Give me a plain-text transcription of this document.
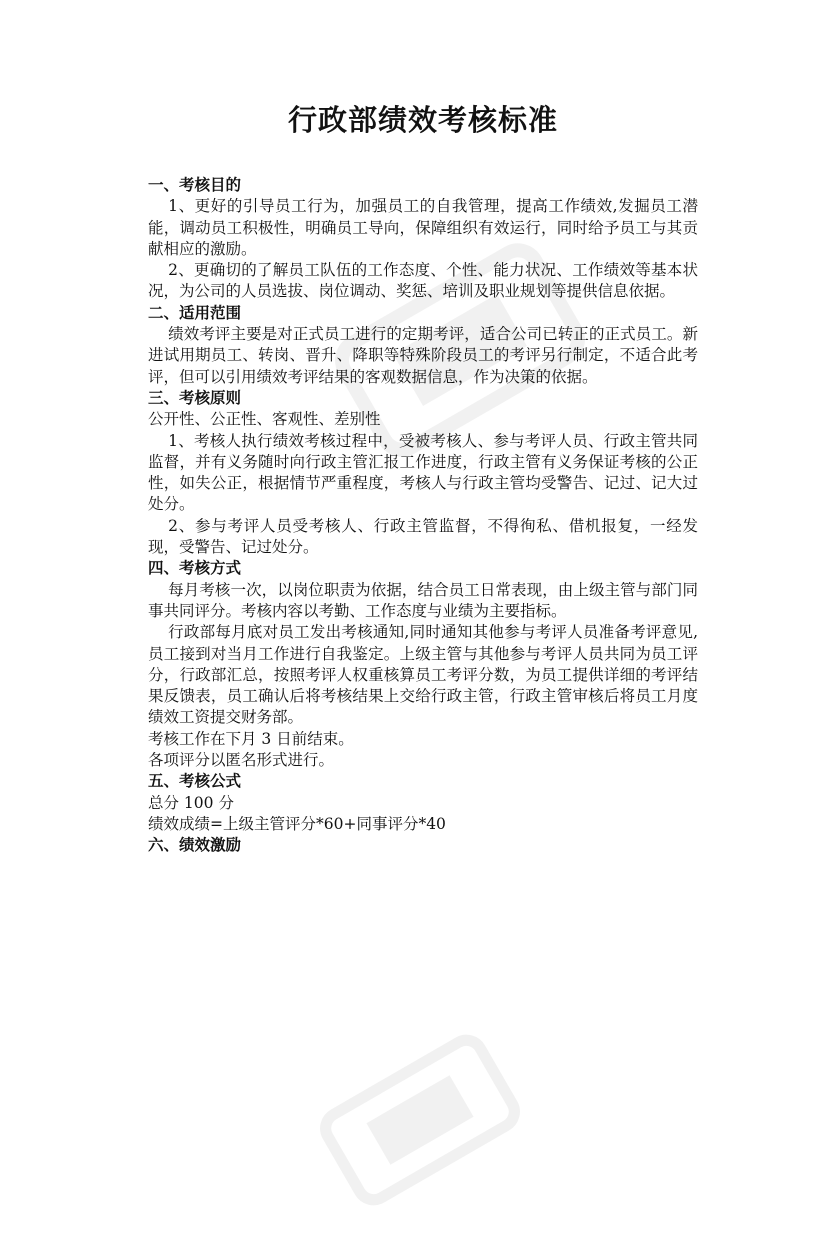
行政部绩效考核标准
一、考核目的

1、更好的引导员工行为，加强员工的自我管理，提高工作绩效,发掘员工潜能，调动员工积极性，明确员工导向，保障组织有效运行，同时给予员工与其贡献相应的激励。

2、更确切的了解员工队伍的工作态度、个性、能力状况、工作绩效等基本状况，为公司的人员选拔、岗位调动、奖惩、培训及职业规划等提供信息依据。

二、适用范围

绩效考评主要是对正式员工进行的定期考评，适合公司已转正的正式员工。新进试用期员工、转岗、晋升、降职等特殊阶段员工的考评另行制定，不适合此考评，但可以引用绩效考评结果的客观数据信息，作为决策的依据。

三、考核原则

公开性、公正性、客观性、差别性

1、考核人执行绩效考核过程中，受被考核人、参与考评人员、行政主管共同监督，并有义务随时向行政主管汇报工作进度，行政主管有义务保证考核的公正性，如失公正，根据情节严重程度，考核人与行政主管均受警告、记过、记大过处分。

2、参与考评人员受考核人、行政主管监督，不得徇私、借机报复，一经发现，受警告、记过处分。

四、考核方式

每月考核一次，以岗位职责为依据，结合员工日常表现，由上级主管与部门同事共同评分。考核内容以考勤、工作态度与业绩为主要指标。

行政部每月底对员工发出考核通知,同时通知其他参与考评人员准备考评意见,员工接到对当月工作进行自我鉴定。上级主管与其他参与考评人员共同为员工评分，行政部汇总，按照考评人权重核算员工考评分数，为员工提供详细的考评结果反馈表，员工确认后将考核结果上交给行政主管，行政主管审核后将员工月度绩效工资提交财务部。

考核工作在下月 3 日前结束。

各项评分以匿名形式进行。

五、考核公式

总分 100 分

绩效成绩=上级主管评分*60+同事评分*40

六、绩效激励
